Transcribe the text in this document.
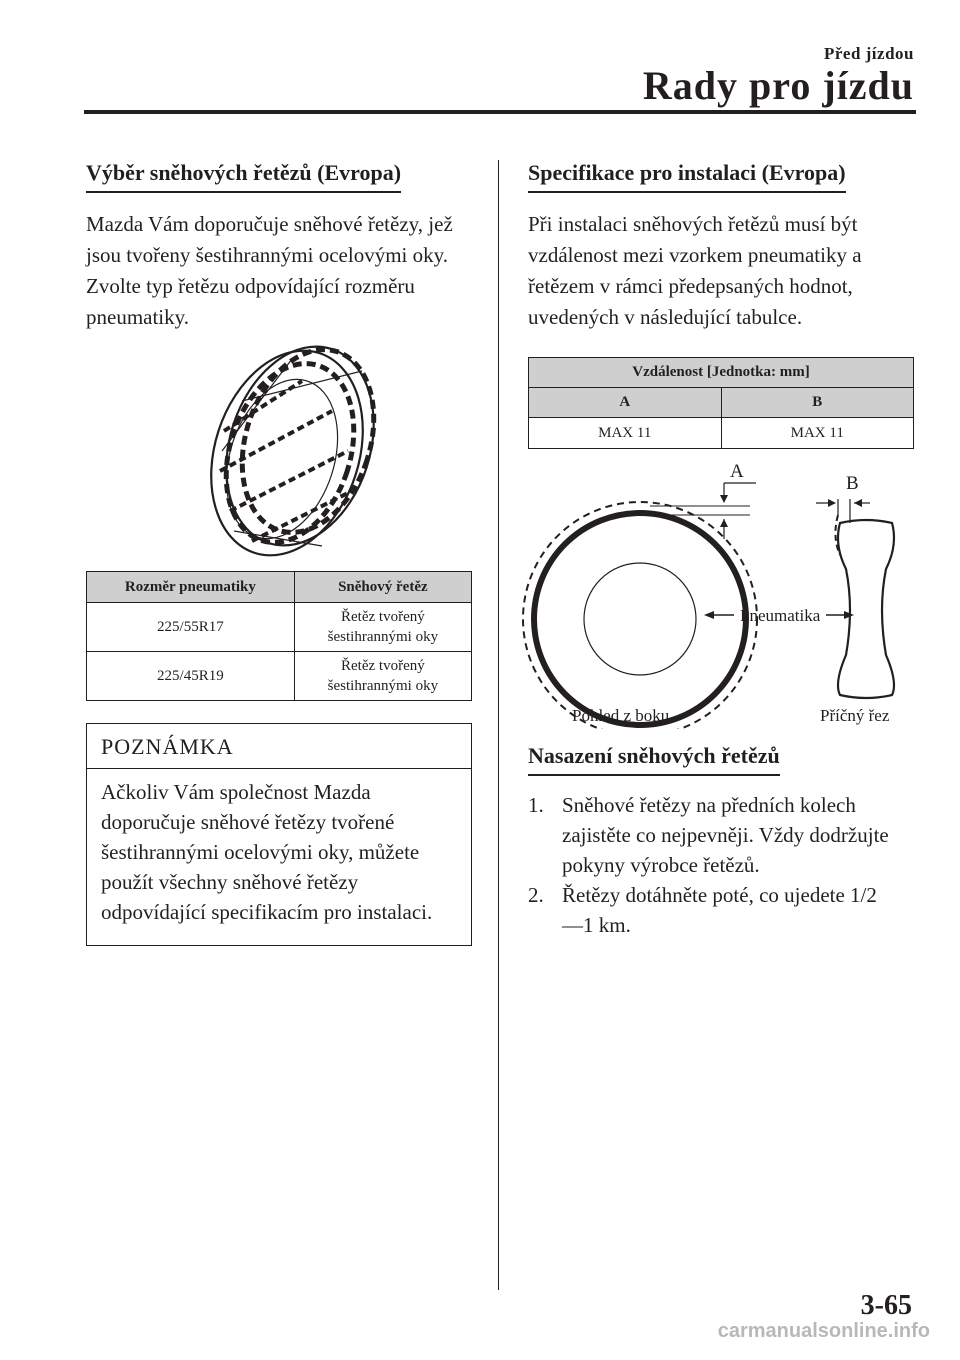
Před jízdou
Rady pro jízdu
Výběr sněhových řetězů (Evropa)
Mazda Vám doporučuje sněhové řetězy, jež jsou tvořeny šestihrannými ocelovými oky. Zvolte typ řetězu odpovídající rozměru pneumatiky.
Rozměr pneumatiky	Sněhový řetěz
225/55R17	Řetěz tvořený
šestihrannými oky

225/45R19	Řetěz tvořený
šestihrannými oky
POZNÁMKA
Ačkoliv Vám společnost Mazda doporučuje sněhové řetězy tvořené šestihrannými ocelovými oky, můžete použít všechny sněhové řetězy odpovídající specifikacím pro instalaci.
Specifikace pro instalaci (Evropa)
Při instalaci sněhových řetězů musí být vzdálenost mezi vzorkem pneumatiky a řetězem v rámci předepsaných hodnot, uvedených v následující tabulce.
Vzdálenost [Jednotka: mm]	
A	B
MAX 11	MAX 11
A
B
Pneumatika
Pohled z boku	Příčný řez
Nasazení sněhových řetězů
1. Sněhové řetězy na předních kolech zajistěte co nejpevněji. Vždy dodržujte pokyny výrobce řetězů.
2. Řetězy dotáhněte poté, co ujedete 1/2 ―1 km.
3-65
carmanualsonline.info
